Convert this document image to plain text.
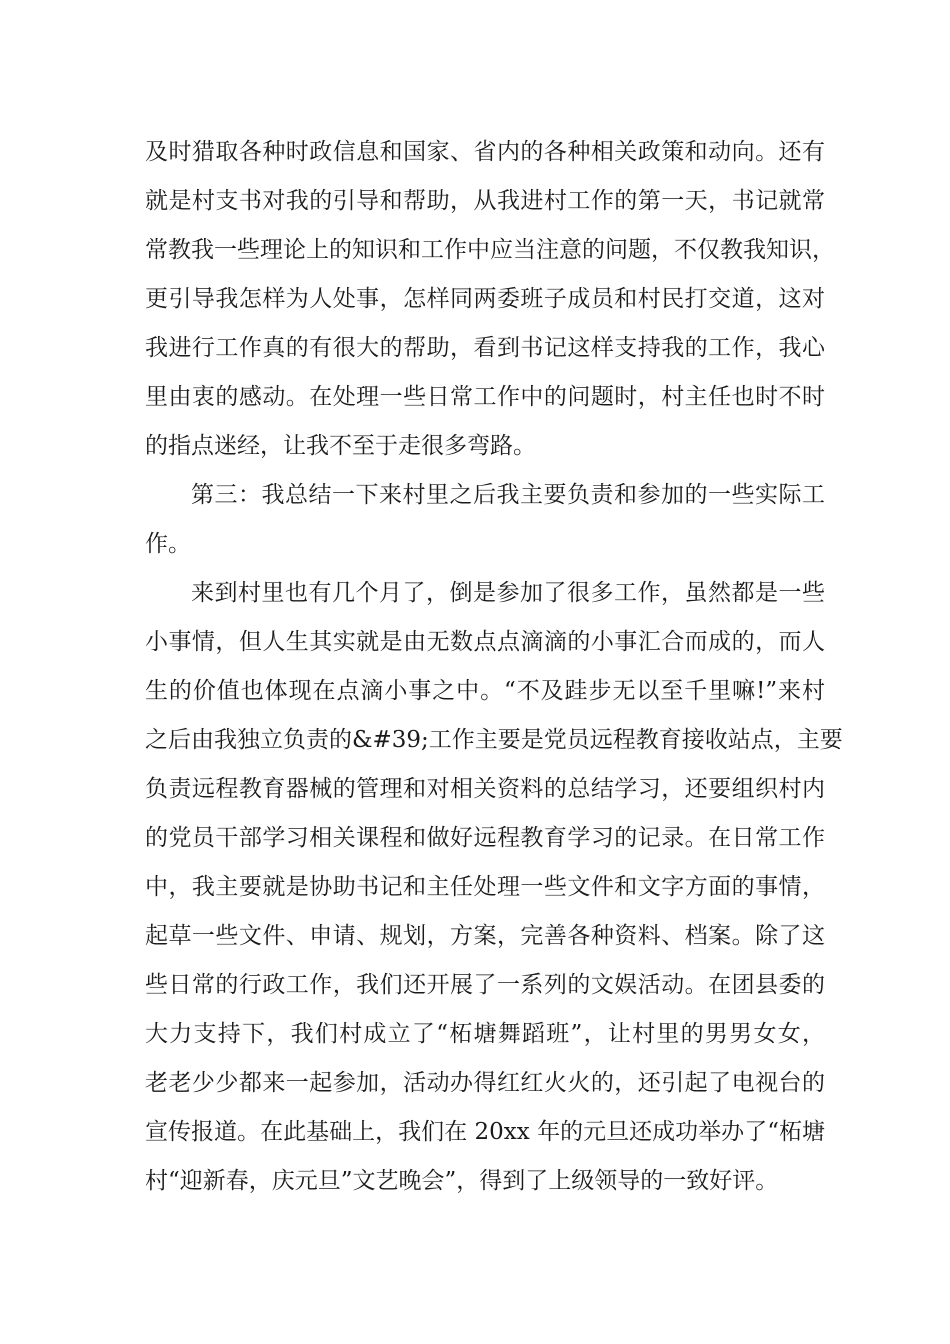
及时猎取各种时政信息和国家、省内的各种相关政策和动向。还有
就是村支书对我的引导和帮助，从我进村工作的第一天，书记就常
常教我一些理论上的知识和工作中应当注意的问题，不仅教我知识，
更引导我怎样为人处事，怎样同两委班子成员和村民打交道，这对
我进行工作真的有很大的帮助，看到书记这样支持我的工作，我心
里由衷的感动。在处理一些日常工作中的问题时，村主任也时不时
的指点迷经，让我不至于走很多弯路。
第三：我总结一下来村里之后我主要负责和参加的一些实际工
作。
来到村里也有几个月了，倒是参加了很多工作，虽然都是一些
小事情，但人生其实就是由无数点点滴滴的小事汇合而成的，而人
生的价值也体现在点滴小事之中。“不及跬步无以至千里嘛!”来村
之后由我独立负责的&#39;工作主要是党员远程教育接收站点，主要
负责远程教育器械的管理和对相关资料的总结学习，还要组织村内
的党员干部学习相关课程和做好远程教育学习的记录。在日常工作
中，我主要就是协助书记和主任处理一些文件和文字方面的事情，
起草一些文件、申请、规划，方案，完善各种资料、档案。除了这
些日常的行政工作，我们还开展了一系列的文娱活动。在团县委的
大力支持下，我们村成立了“柘塘舞蹈班”，让村里的男男女女，
老老少少都来一起参加，活动办得红红火火的，还引起了电视台的
宣传报道。在此基础上，我们在 20xx 年的元旦还成功举办了“柘塘
村“迎新春，庆元旦”文艺晚会”，得到了上级领导的一致好评。
